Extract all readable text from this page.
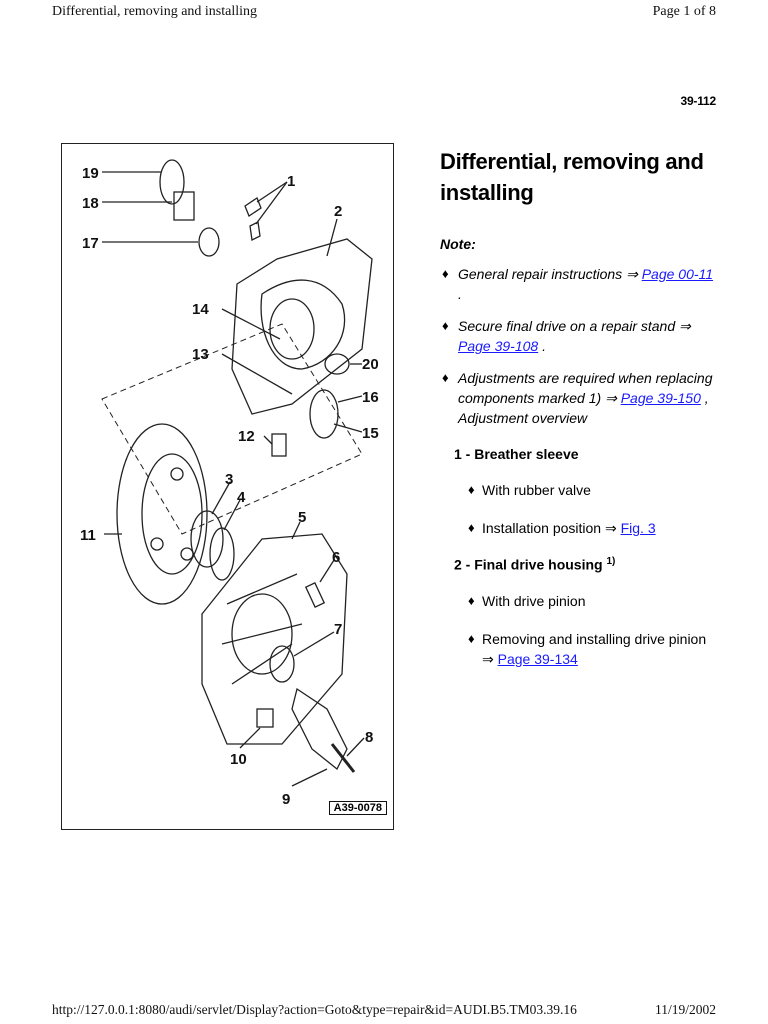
Differential, removing and installing	Page 1 of 8
39-112
19
18
17
1
2
14
13
20
16
15
12
11
3
4
5
6
7
8
9
10
A39-0078
Differential, removing and installing
Note:
♦ General repair instructions ⇒ Page 00-11 .
♦ Secure final drive on a repair stand ⇒ Page 39-108 .
♦ Adjustments are required when replacing components marked 1) ⇒ Page 39-150 , Adjustment overview
1 - Breather sleeve
♦ With rubber valve
♦ Installation position ⇒ Fig. 3
2 - Final drive housing $^{1)}$
♦ With drive pinion
♦ Removing and installing drive pinion ⇒ Page 39-134
http://127.0.0.1:8080/audi/servlet/Display?action=Goto&type=repair&id=AUDI.B5.TM03.39.16	11/19/2002
